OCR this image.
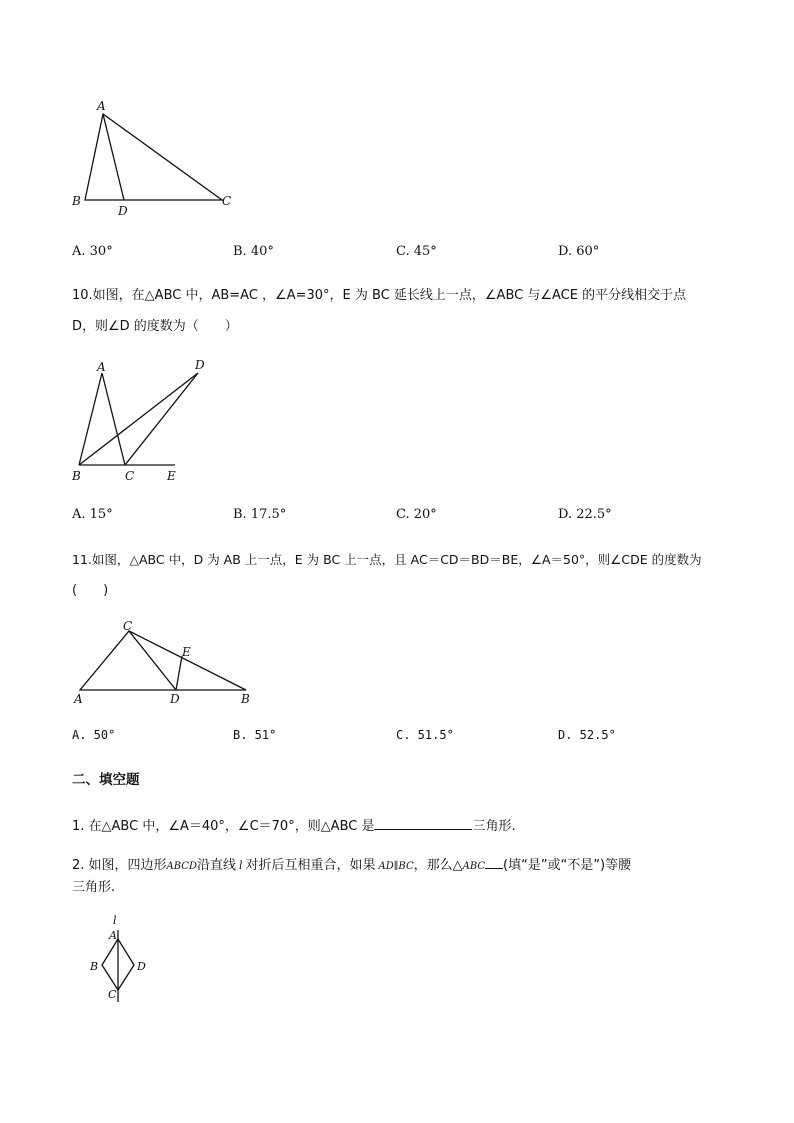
A
B
D
C
A. 30°	B. 40°	C. 45°	D. 60°
10.如图，在△ABC 中，AB=AC ，∠A=30°，E 为 BC 延长线上一点，∠ABC 与∠ACE 的平分线相交于点
D，则∠D 的度数为（　　）
A	D
B	C	E
A. 15°	B. 17.5°	C. 20°	D. 22.5°
11.如图，△ABC 中，D 为 AB 上一点，E 为 BC 上一点，且 AC＝CD＝BD＝BE，∠A＝50°，则∠CDE 的度数为
(　　)
C
E
A	D	B
A. 50°	B. 51°	C. 51.5°	D. 52.5°
二、填空题
1. 在△ABC 中，∠A＝40°，∠C＝70°，则△ABC 是	三角形.
2. 如图，四边形ABCD沿直线 l 对折后互相重合，如果 AD∥BC，那么△ABC (填“是”或“不是”)等腰
三角形.
l
A
B	D
C
